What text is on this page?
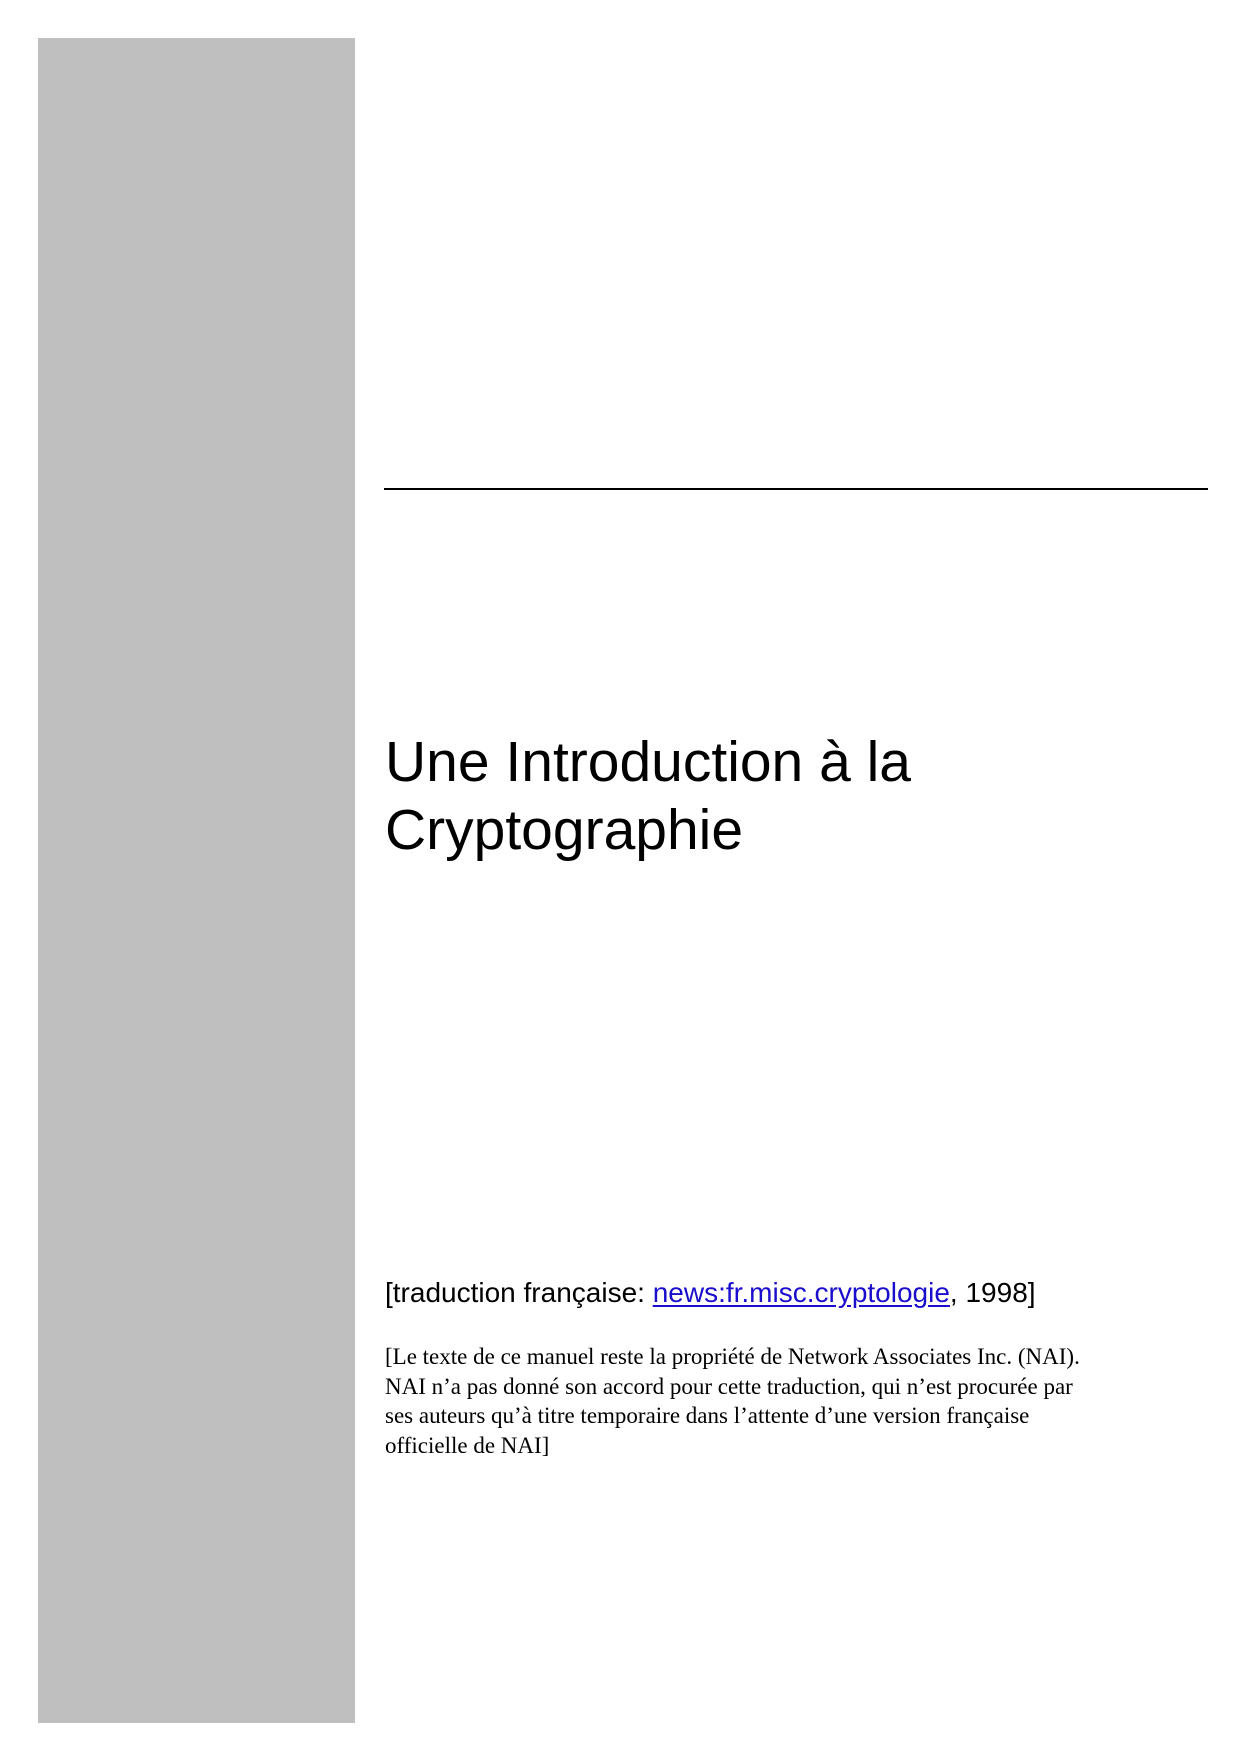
Une Introduction à la
Cryptographie

[traduction française: news:fr.misc.cryptologie, 1998]

[Le texte de ce manuel reste la propriété de Network Associates Inc. (NAI).
NAI n’a pas donné son accord pour cette traduction, qui n’est procurée par
ses auteurs qu’à titre temporaire dans l’attente d’une version française
officielle de NAI]
